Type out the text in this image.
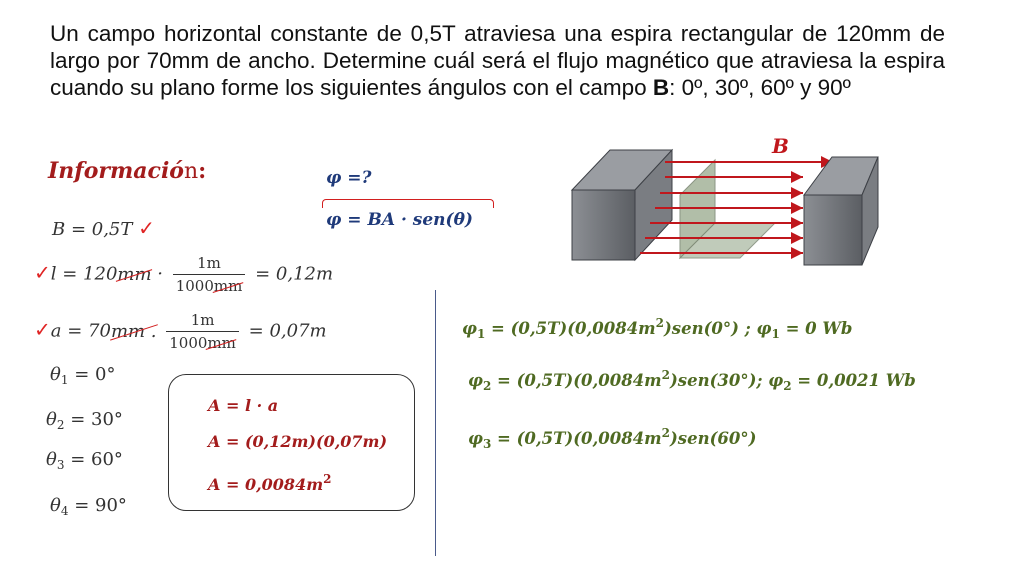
Un campo horizontal constante de 0,5T atraviesa una espira rectangular de 120mm de largo por 70mm de ancho. Determine cuál será el flujo magnético que atraviesa la espira cuando su plano forme los siguientes ángulos con el campo B: 0º, 30º, 60º y 90º
Información:
B = 0,5T ✓
✓l = $120mm \cdot \frac{1m}{1000mm} = 0,12m$
✓a = 70mm . $\frac{1m}{1000mm} = 0,07m$
$\theta_1 = 0^\circ$
$\theta_2 = 30^\circ$
$\theta_3 = 60^\circ$
$\theta_4 = 90^\circ$
φ =?
φ = BA · sen(θ)
A = l · a
A = (0,12m)(0,07m)
$A = 0,0084m^2$
$\varphi_1 = (0,5T)(0,0084m^2)sen(0^\circ)$ ; $\varphi_1 = 0$ Wb
$\varphi_2 = (0,5T)(0,0084m^2)sen(30^\circ)$; $\varphi_2 = 0,0021$ Wb
$\varphi_3 = (0,5T)(0,0084m^2)sen(60^\circ)$
B
